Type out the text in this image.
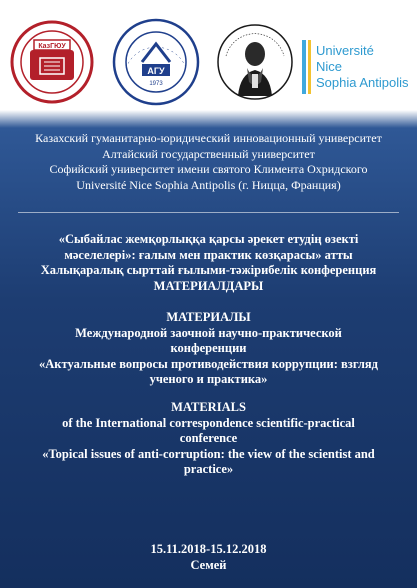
КазГЮУ
АГУ
1973
Université
Nice
Sophia Antipolis
Казахский гуманитарно-юридический инновационный университет
Алтайский государственный университет
Софийский университет имени святого Климента Охридского
Université Nice Sophia Antipolis (г. Ницца, Франция)

«Сыбайлас жемқорлыққа қарсы әрекет етудің өзекті

мәселелері»: ғалым мен практик көзқарасы» атты

Халықаралық сырттай ғылыми-тәжірибелік конференция

МАТЕРИАЛДАРЫ

МАТЕРИАЛЫ

Международной заочной научно-практической

конференции

«Актуальные вопросы противодействия коррупции: взгляд

ученого и практика»

MATERIALS

of the International correspondence scientific-practical

conference

«Topical issues of anti-corruption: the view of the scientist and

practice»

15.11.2018-15.12.2018
Семей
